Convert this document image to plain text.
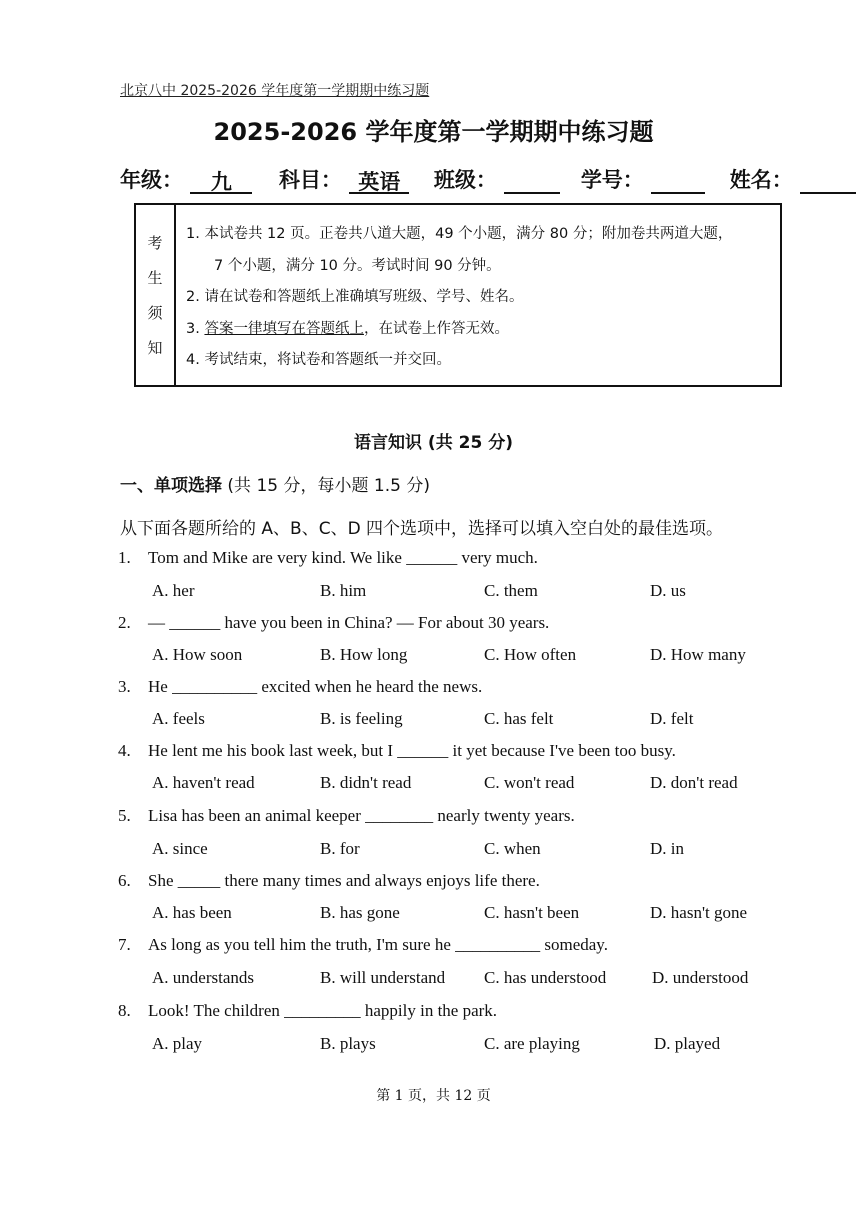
北京八中 2025-2026 学年度第一学期期中练习题
2025-2026 学年度第一学期期中练习题
年级： 九 科目： 英语 班级：	学号：	姓名：
考
生
须
知
1. 本试卷共 12 页。正卷共八道大题，49 个小题，满分 80 分；附加卷共两道大题，
7 个小题，满分 10 分。考试时间 90 分钟。
2. 请在试卷和答题纸上准确填写班级、学号、姓名。
3. 答案一律填写在答题纸上，在试卷上作答无效。
4. 考试结束，将试卷和答题纸一并交回。
语言知识 (共 25 分)
一、单项选择 (共 15 分，每小题 1.5 分)
从下面各题所给的 A、B、C、D 四个选项中，选择可以填入空白处的最佳选项。
1. Tom and Mike are very kind. We like ______ very much.
A. her	B. him	C. them	D. us
2. — ______ have you been in China? — For about 30 years.
A. How soon	B. How long	C. How often	D. How many
3. He __________ excited when he heard the news.
A. feels	B. is feeling	C. has felt	D. felt
4. He lent me his book last week, but I ______ it yet because I've been too busy.
A. haven't read	B. didn't read	C. won't read	D. don't read
5. Lisa has been an animal keeper ________ nearly twenty years.
A. since	B. for	C. when	D. in
6. She _____ there many times and always enjoys life there.
A. has been	B. has gone	C. hasn't been	D. hasn't gone
7. As long as you tell him the truth, I'm sure he __________ someday.
A. understands	B. will understand C. has understood	D. understood
8. Look! The children _________ happily in the park.
A. play	B. plays	C. are playing	D. played
第 1 页，共 12 页
